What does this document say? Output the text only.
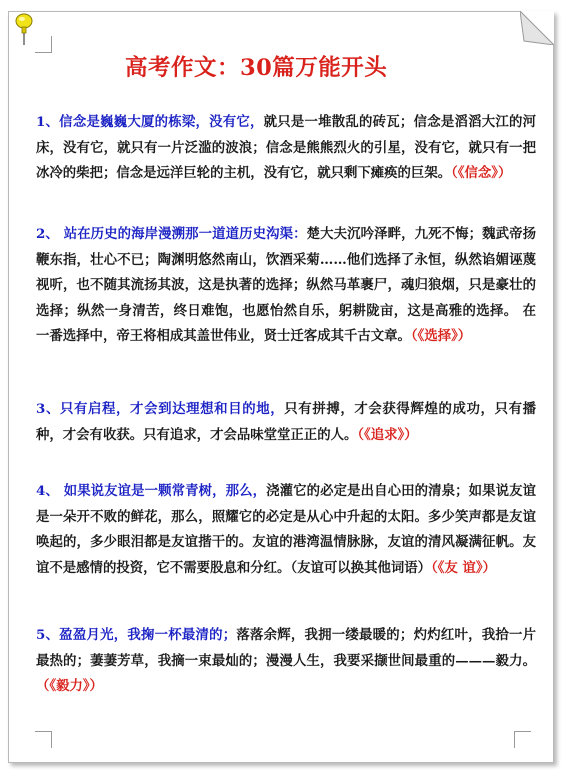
高考作文：30篇万能开头
1、信念是巍巍大厦的栋梁，没有它，就只是一堆散乱的砖瓦；信念是滔滔大江的河床，没有它，就只有一片泛滥的波浪；信念是熊熊烈火的引星，没有它，就只有一把冰冷的柴把；信念是远洋巨轮的主机，没有它，就只剩下瘫痪的巨架。（《信念》）
2、 站在历史的海岸漫溯那一道道历史沟渠：楚大夫沉吟泽畔，九死不悔；魏武帝扬鞭东指，壮心不已；陶渊明悠然南山，饮酒采菊……他们选择了永恒，纵然谄媚诬蔑 视听，也不随其流扬其波，这是执著的选择；纵然马革裹尸，魂归狼烟，只是豪壮的选择；纵然一身清苦，终日难饱，也愿怡然自乐，躬耕陇亩，这是高雅的选择。 在一番选择中，帝王将相成其盖世伟业，贤士迁客成其千古文章。（《选择》）
3、只有启程，才会到达理想和目的地，只有拼搏，才会获得辉煌的成功，只有播种，才会有收获。只有追求，才会品味堂堂正正的人。（《追求》）
4、 如果说友谊是一颗常青树，那么，浇灌它的必定是出自心田的清泉；如果说友谊是一朵开不败的鲜花，那么，照耀它的必定是从心中升起的太阳。多少笑声都是友谊 唤起的，多少眼泪都是友谊揩干的。友谊的港湾温情脉脉，友谊的清风凝满征帆。友谊不是感情的投资，它不需要股息和分红。（友谊可以换其他词语）（《友 谊》）
5、盈盈月光，我掬一杯最清的；落落余辉，我拥一缕最暖的；灼灼红叶，我拾一片最热的；萋萋芳草，我摘一束最灿的；漫漫人生，我要采撷世间最重的———毅力。（《毅力》）
